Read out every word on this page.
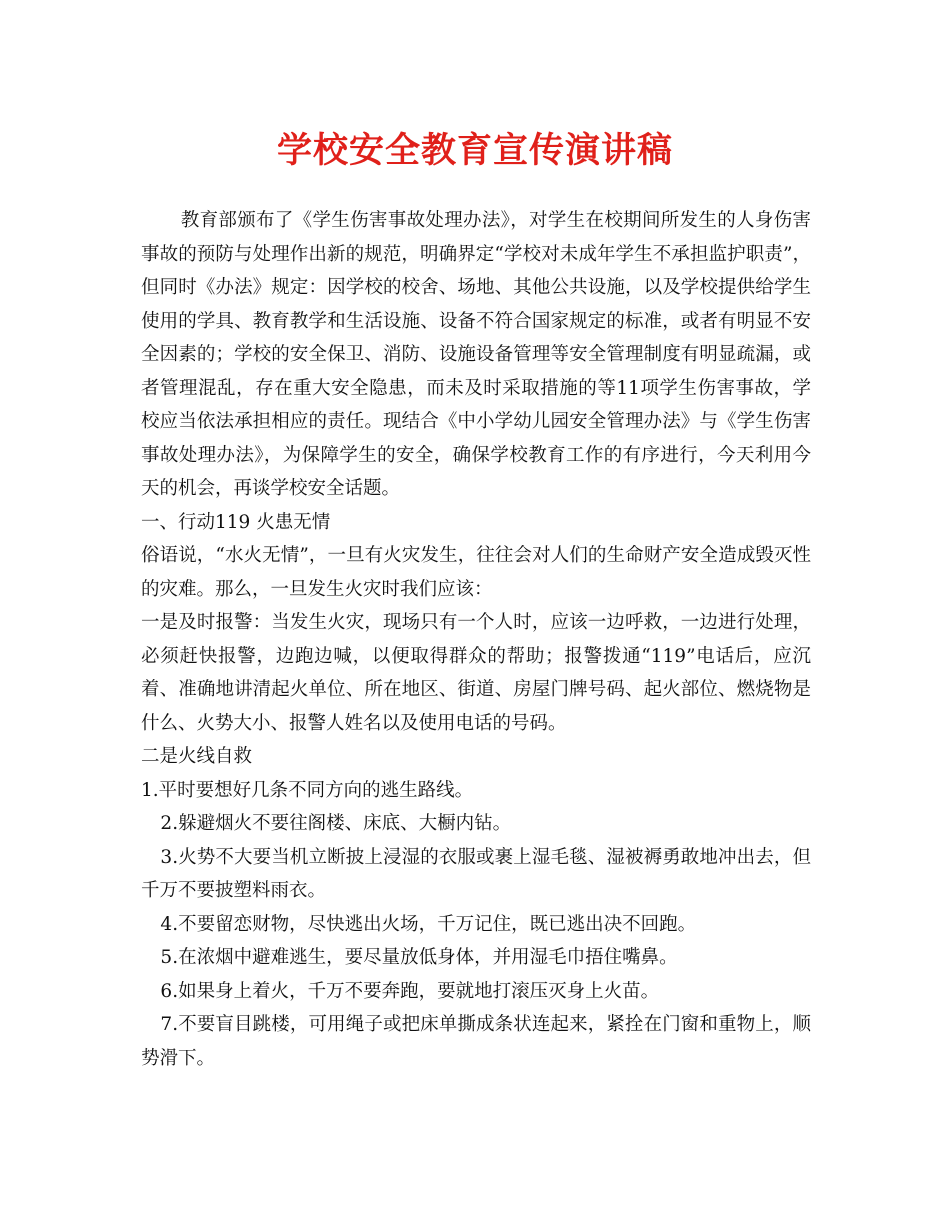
学校安全教育宣传演讲稿

教育部颁布了《学生伤害事故处理办法》，对学生在校期间所发生的人身伤害事故的预防与处理作出新的规范，明确界定“学校对未成年学生不承担监护职责”，但同时《办法》规定：因学校的校舍、场地、其他公共设施，以及学校提供给学生使用的学具、教育教学和生活设施、设备不符合国家规定的标准，或者有明显不安全因素的；学校的安全保卫、消防、设施设备管理等安全管理制度有明显疏漏，或者管理混乱，存在重大安全隐患，而未及时采取措施的等11项学生伤害事故，学校应当依法承担相应的责任。现结合《中小学幼儿园安全管理办法》与《学生伤害事故处理办法》，为保障学生的安全，确保学校教育工作的有序进行，今天利用今天的机会，再谈学校安全话题。

一、行动119 火患无情

俗语说，“水火无情”，一旦有火灾发生，往往会对人们的生命财产安全造成毁灭性的灾难。那么，一旦发生火灾时我们应该：

一是及时报警：当发生火灾，现场只有一个人时，应该一边呼救，一边进行处理，必须赶快报警，边跑边喊，以便取得群众的帮助；报警拨通“119”电话后，应沉着、准确地讲清起火单位、所在地区、街道、房屋门牌号码、起火部位、燃烧物是什么、火势大小、报警人姓名以及使用电话的号码。

二是火线自救

1.平时要想好几条不同方向的逃生路线。

2.躲避烟火不要往阁楼、床底、大橱内钻。

3.火势不大要当机立断披上浸湿的衣服或裹上湿毛毯、湿被褥勇敢地冲出去，但千万不要披塑料雨衣。

4.不要留恋财物，尽快逃出火场，千万记住，既已逃出决不回跑。

5.在浓烟中避难逃生，要尽量放低身体，并用湿毛巾捂住嘴鼻。

6.如果身上着火，千万不要奔跑，要就地打滚压灭身上火苗。

7.不要盲目跳楼，可用绳子或把床单撕成条状连起来，紧拴在门窗和重物上，顺势滑下。
